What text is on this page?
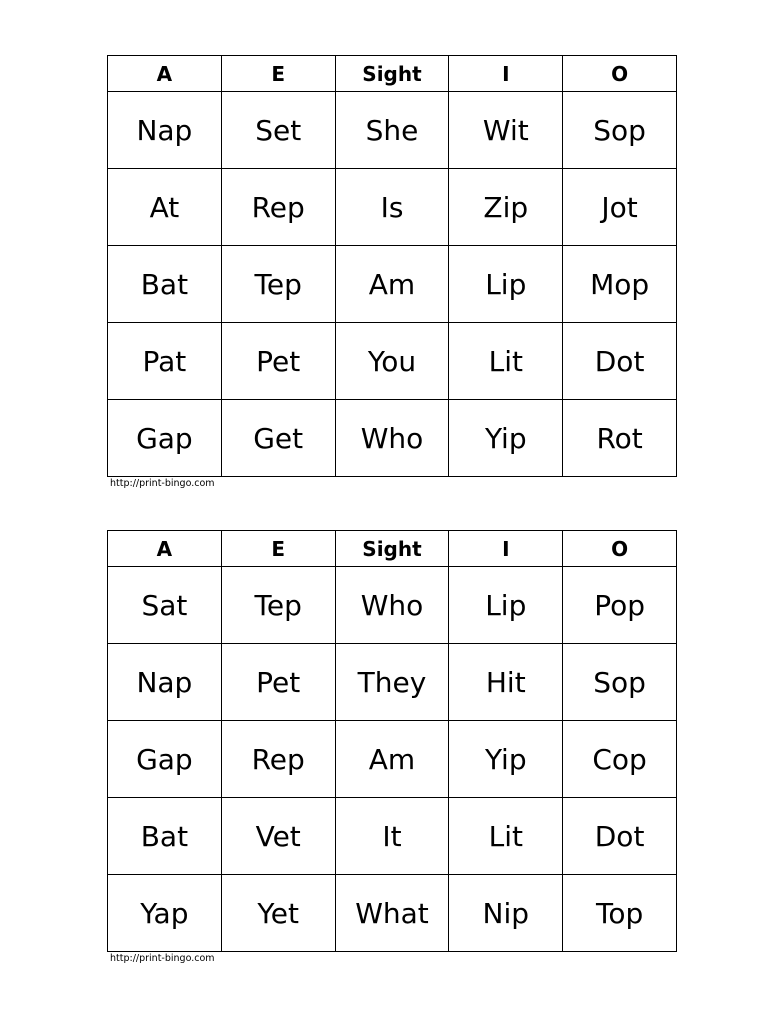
A	E	Sight	I	O
Nap	Set	She	Wit	Sop
At	Rep	Is	Zip	Jot
Bat	Tep	Am	Lip	Mop
Pat	Pet	You	Lit	Dot
Gap	Get	Who	Yip	Rot
http://print-bingo.com
A	E	Sight	I	O
Sat	Tep	Who	Lip	Pop
Nap	Pet	They	Hit	Sop
Gap	Rep	Am	Yip	Cop
Bat	Vet	It	Lit	Dot
Yap	Yet	What	Nip	Top
http://print-bingo.com
